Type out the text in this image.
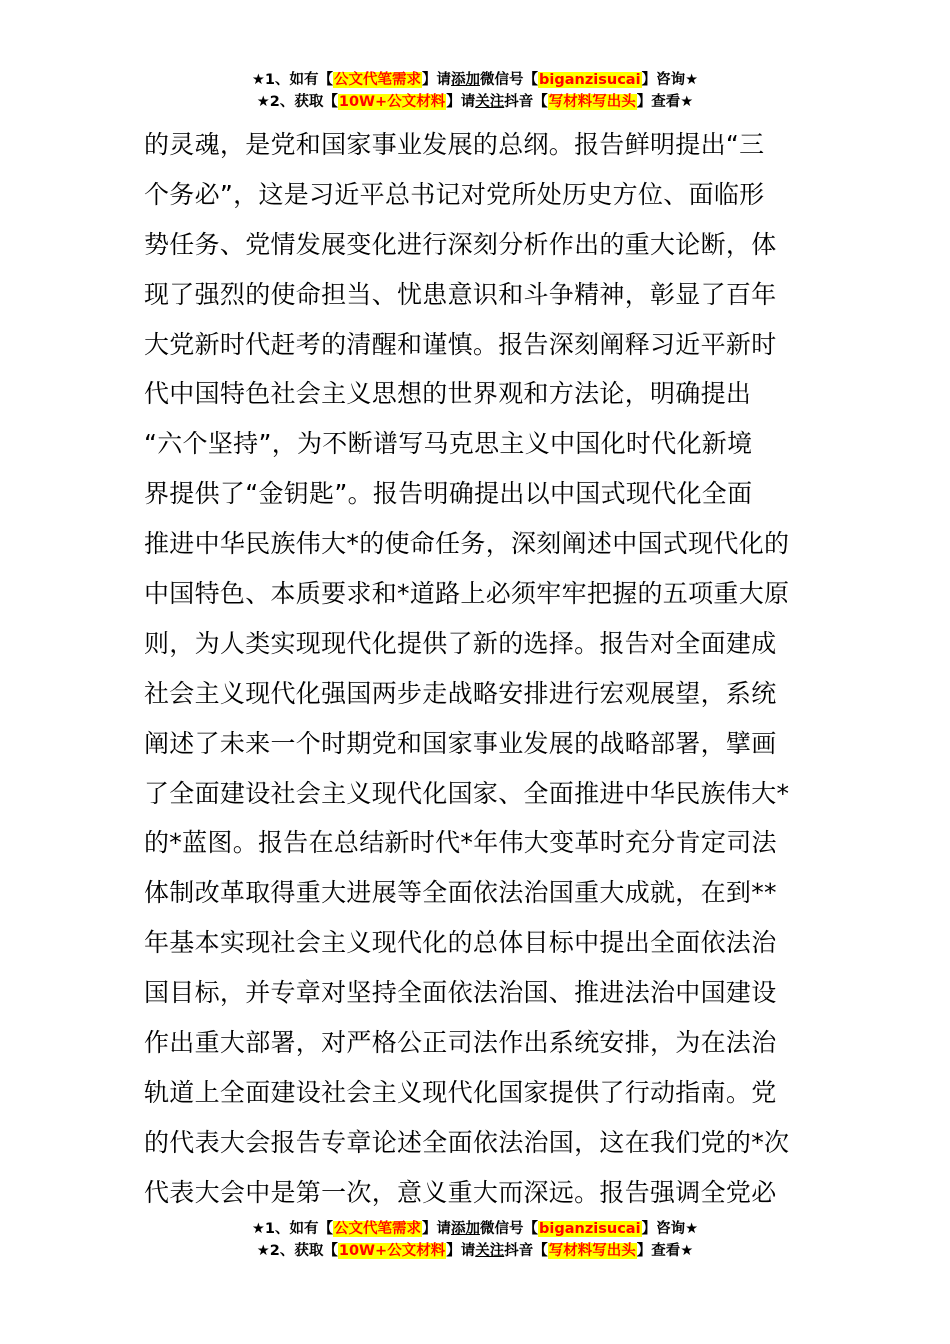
★1、如有【公文代笔需求】请添加微信号【biganzisucai】咨询★
★2、获取【10W+公文材料】请关注抖音【写材料写出头】查看★
的灵魂，是党和国家事业发展的总纲。报告鲜明提出“三
个务必”，这是习近平总书记对党所处历史方位、面临形
势任务、党情发展变化进行深刻分析作出的重大论断，体
现了强烈的使命担当、忧患意识和斗争精神，彰显了百年
大党新时代赶考的清醒和谨慎。报告深刻阐释习近平新时
代中国特色社会主义思想的世界观和方法论，明确提出
“六个坚持”，为不断谱写马克思主义中国化时代化新境
界提供了“金钥匙”。报告明确提出以中国式现代化全面
推进中华民族伟大*的使命任务，深刻阐述中国式现代化的
中国特色、本质要求和*道路上必须牢牢把握的五项重大原
则，为人类实现现代化提供了新的选择。报告对全面建成
社会主义现代化强国两步走战略安排进行宏观展望，系统
阐述了未来一个时期党和国家事业发展的战略部署，擘画
了全面建设社会主义现代化国家、全面推进中华民族伟大*
的*蓝图。报告在总结新时代*年伟大变革时充分肯定司法
体制改革取得重大进展等全面依法治国重大成就，在到**
年基本实现社会主义现代化的总体目标中提出全面依法治
国目标，并专章对坚持全面依法治国、推进法治中国建设
作出重大部署，对严格公正司法作出系统安排，为在法治
轨道上全面建设社会主义现代化国家提供了行动指南。党
的代表大会报告专章论述全面依法治国，这在我们党的*次
代表大会中是第一次，意义重大而深远。报告强调全党必
★1、如有【公文代笔需求】请添加微信号【biganzisucai】咨询★
★2、获取【10W+公文材料】请关注抖音【写材料写出头】查看★
